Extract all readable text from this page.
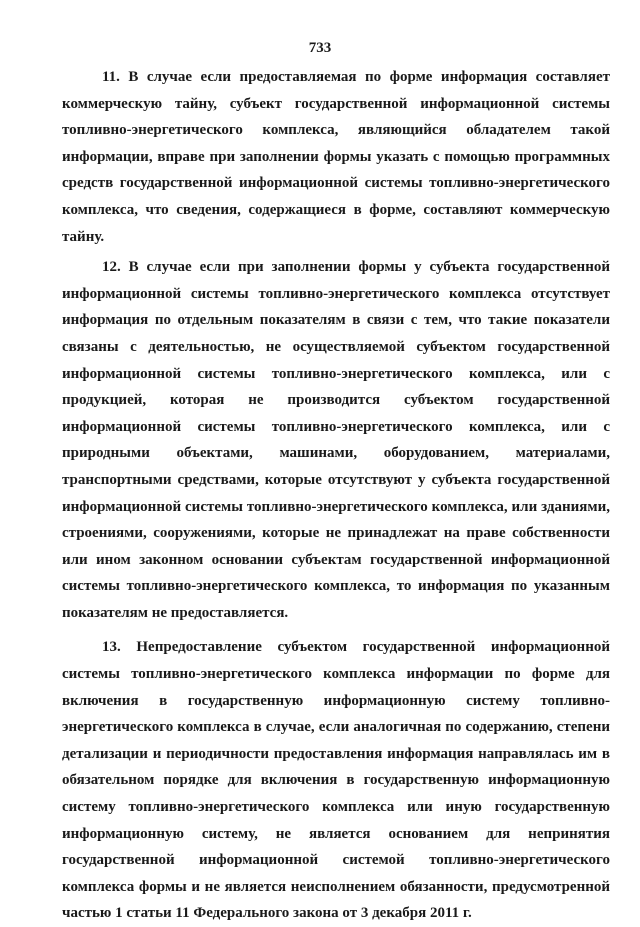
733

11. В случае если предоставляемая по форме информация составляет коммерческую тайну, субъект государственной информационной системы топливно-энергетического комплекса, являющийся обладателем такой информации, вправе при заполнении формы указать с помощью программных средств государственной информационной системы топливно-энергетического комплекса, что сведения, содержащиеся в форме, составляют коммерческую тайну.

12. В случае если при заполнении формы у субъекта государственной информационной системы топливно-энергетического комплекса отсутствует информация по отдельным показателям в связи с тем, что такие показатели связаны с деятельностью, не осуществляемой субъектом государственной информационной системы топливно-энергетического комплекса, или с продукцией, которая не производится субъектом государственной информационной системы топливно-энергетического комплекса, или с природными объектами, машинами, оборудованием, материалами, транспортными средствами, которые отсутствуют у субъекта государственной информационной системы топливно-энергетического комплекса, или зданиями, строениями, сооружениями, которые не принадлежат на праве собственности или ином законном основании субъектам государственной информационной системы топливно-энергетического комплекса, то информация по указанным показателям не предоставляется.

13. Непредоставление субъектом государственной информационной системы топливно-энергетического комплекса информации по форме для включения в государственную информационную систему топливно-энергетического комплекса в случае, если аналогичная по содержанию, степени детализации и периодичности предоставления информация направлялась им в обязательном порядке для включения в государственную информационную систему топливно-энергетического комплекса или иную государственную информационную систему, не является основанием для непринятия государственной информационной системой топливно-энергетического комплекса формы и не является неисполнением обязанности, предусмотренной частью 1 статьи 11 Федерального закона от 3 декабря 2011 г.
